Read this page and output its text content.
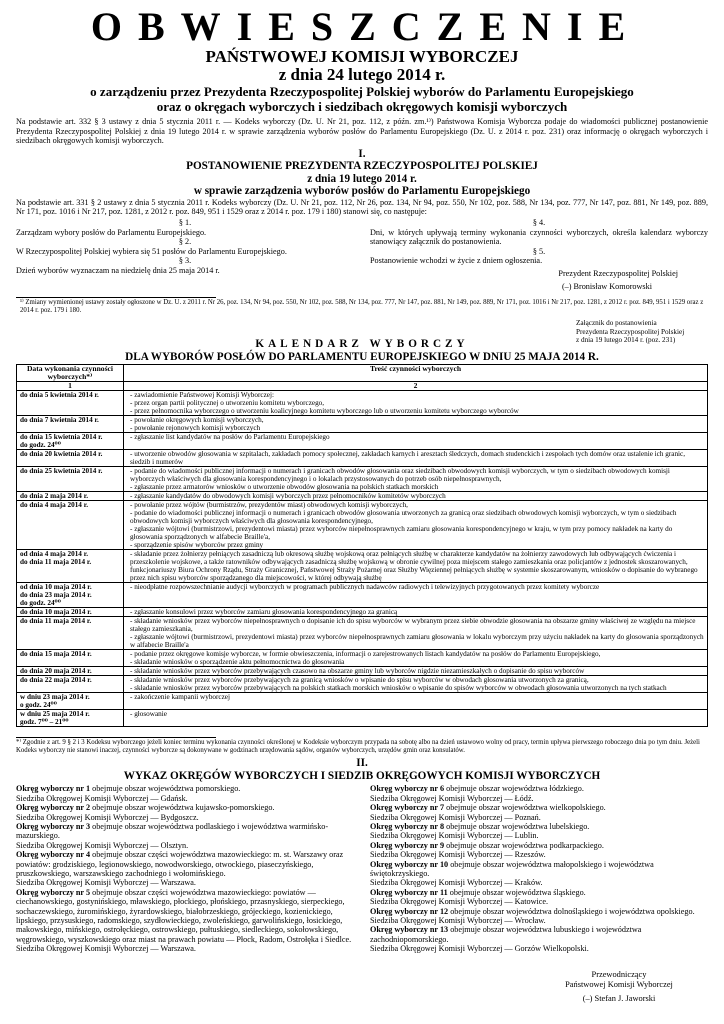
OBWIESZCZENIE
PAŃSTWOWEJ KOMISJI WYBORCZEJ
z dnia 24 lutego 2014 r.
o zarządzeniu przez Prezydenta Rzeczypospolitej Polskiej wyborów do Parlamentu Europejskiego
oraz o okręgach wyborczych i siedzibach okręgowych komisji wyborczych
Na podstawie art. 332 § 3 ustawy z dnia 5 stycznia 2011 r. — Kodeks wyborczy (Dz. U. Nr 21, poz. 112, z późn. zm.¹⁾) Państwowa Komisja Wyborcza podaje do wiadomości publicznej postanowienie Prezydenta Rzeczypospolitej Polskiej z dnia 19 lutego 2014 r. w sprawie zarządzenia wyborów posłów do Parlamentu Europejskiego (Dz. U. z 2014 r. poz. 231) oraz informację o okręgach wyborczych i siedzibach okręgowych komisji wyborczych.
I.
POSTANOWIENIE PREZYDENTA RZECZYPOSPOLITEJ POLSKIEJ
z dnia 19 lutego 2014 r.
w sprawie zarządzenia wyborów posłów do Parlamentu Europejskiego
Na podstawie art. 331 § 2 ustawy z dnia 5 stycznia 2011 r. Kodeks wyborczy (Dz. U. Nr 21, poz. 112, Nr 26, poz. 134, Nr 94, poz. 550, Nr 102, poz. 588, Nr 134, poz. 777, Nr 147, poz. 881, Nr 149, poz. 889, Nr 171, poz. 1016 i Nr 217, poz. 1281, z 2012 r. poz. 849, 951 i 1529 oraz z 2014 r. poz. 179 i 180) stanowi się, co następuje:
§ 1.
Zarządzam wybory posłów do Parlamentu Europejskiego.
§ 2.
W Rzeczypospolitej Polskiej wybiera się 51 posłów do Parlamentu Europejskiego.
§ 3.
Dzień wyborów wyznaczam na niedzielę dnia 25 maja 2014 r.
§ 4.
Dni, w których upływają terminy wykonania czynności wyborczych, określa kalendarz wyborczy stanowiący załącznik do postanowienia.
§ 5.
Postanowienie wchodzi w życie z dniem ogłoszenia.
Prezydent Rzeczypospolitej Polskiej
(–) Bronisław Komorowski
¹⁾ Zmiany wymienionej ustawy zostały ogłoszone w Dz. U. z 2011 r. Nr 26, poz. 134, Nr 94, poz. 550, Nr 102, poz. 588, Nr 134, poz. 777, Nr 147, poz. 881, Nr 149, poz. 889, Nr 171, poz. 1016 i Nr 217, poz. 1281, z 2012 r. poz. 849, 951 i 1529 oraz z 2014 r. poz. 179 i 180.
Załącznik do postanowienia
Prezydenta Rzeczypospolitej Polskiej
z dnia 19 lutego 2014 r. (poz. 231)
KALENDARZ WYBORCZY
DLA WYBORÓW POSŁÓW DO PARLAMENTU EUROPEJSKIEGO W DNIU 25 MAJA 2014 R.
Data wykonania czynności wyborczych*⁾	Treść czynności wyborczych
1	2
do dnia 5 kwietnia 2014 r.	- zawiadomienie Państwowej Komisji Wyborczej:
- przez organ partii politycznej o utworzeniu komitetu wyborczego,
- przez pełnomocnika wyborczego o utworzeniu koalicyjnego komitetu wyborczego lub o utworzeniu komitetu wyborczego wyborców
do dnia 7 kwietnia 2014 r.	- powołanie okręgowych komisji wyborczych,
- powołanie rejonowych komisji wyborczych
do dnia 15 kwietnia 2014 r.
do godz. 24⁰⁰	- zgłaszanie list kandydatów na posłów do Parlamentu Europejskiego
do dnia 20 kwietnia 2014 r.	- utworzenie obwodów głosowania w szpitalach, zakładach pomocy społecznej, zakładach karnych i aresztach śledczych, domach studenckich i zespołach tych domów oraz ustalenie ich granic, siedzib i numerów
do dnia 25 kwietnia 2014 r.	- podanie do wiadomości publicznej informacji o numerach i granicach obwodów głosowania oraz siedzibach obwodowych komisji wyborczych, w tym o siedzibach obwodowych komisji wyborczych właściwych dla głosowania korespondencyjnego i o lokalach przystosowanych do potrzeb osób niepełnosprawnych,
- zgłaszanie przez armatorów wniosków o utworzenie obwodów głosowania na polskich statkach morskich
do dnia 2 maja 2014 r.	- zgłaszanie kandydatów do obwodowych komisji wyborczych przez pełnomocników komitetów wyborczych
do dnia 4 maja 2014 r.	- powołanie przez wójtów (burmistrzów, prezydentów miast) obwodowych komisji wyborczych,
- podanie do wiadomości publicznej informacji o numerach i granicach obwodów głosowania utworzonych za granicą oraz siedzibach obwodowych komisji wyborczych, w tym o siedzibach obwodowych komisji wyborczych właściwych dla głosowania korespondencyjnego,
- zgłaszanie wójtowi (burmistrzowi, prezydentowi miasta) przez wyborców niepełnosprawnych zamiaru głosowania korespondencyjnego w kraju, w tym przy pomocy nakładek na karty do głosowania sporządzonych w alfabecie Braille'a,
- sporządzenie spisów wyborców przez gminy
od dnia 4 maja 2014 r.
do dnia 11 maja 2014 r.	- składanie przez żołnierzy pełniących zasadniczą lub okresową służbę wojskową oraz pełniących służbę w charakterze kandydatów na żołnierzy zawodowych lub odbywających ćwiczenia i przeszkolenie wojskowe, a także ratowników odbywających zasadniczą służbę wojskową w obronie cywilnej poza miejscem stałego zamieszkania oraz policjantów z jednostek skoszarowanych, funkcjonariuszy Biura Ochrony Rządu, Straży Granicznej, Państwowej Straży Pożarnej oraz Służby Więziennej pełniących służbę w systemie skoszarowanym, wniosków o dopisanie do wybranego przez nich spisu wyborców sporządzanego dla miejscowości, w której odbywają służbę
od dnia 10 maja 2014 r.
do dnia 23 maja 2014 r.
do godz. 24⁰⁰	- nieodpłatne rozpowszechnianie audycji wyborczych w programach publicznych nadawców radiowych i telewizyjnych przygotowanych przez komitety wyborcze
do dnia 10 maja 2014 r.	- zgłaszanie konsulowi przez wyborców zamiaru głosowania korespondencyjnego za granicą
do dnia 11 maja 2014 r.	- składanie wniosków przez wyborców niepełnosprawnych o dopisanie ich do spisu wyborców w wybranym przez siebie obwodzie głosowania na obszarze gminy właściwej ze względu na miejsce stałego zamieszkania,
- zgłaszanie wójtowi (burmistrzowi, prezydentowi miasta) przez wyborców niepełnosprawnych zamiaru głosowania w lokalu wyborczym przy użyciu nakładek na karty do głosowania sporządzonych w alfabecie Braille'a
do dnia 15 maja 2014 r.	- podanie przez okręgowe komisje wyborcze, w formie obwieszczenia, informacji o zarejestrowanych listach kandydatów na posłów do Parlamentu Europejskiego,
- składanie wniosków o sporządzenie aktu pełnomocnictwa do głosowania
do dnia 20 maja 2014 r.	- składanie wniosków przez wyborców przebywających czasowo na obszarze gminy lub wyborców nigdzie niezamieszkałych o dopisanie do spisu wyborców
do dnia 22 maja 2014 r.	- składanie wniosków przez wyborców przebywających za granicą wniosków o wpisanie do spisu wyborców w obwodach głosowania utworzonych za granicą,
- składanie wniosków przez wyborców przebywających na polskich statkach morskich wniosków o wpisanie do spisów wyborców w obwodach głosowania utworzonych na tych statkach
w dniu 23 maja 2014 r.
o godz. 24⁰⁰	- zakończenie kampanii wyborczej
w dniu 25 maja 2014 r.
godz. 7⁰⁰ – 21⁰⁰	- głosowanie
*⁾ Zgodnie z art. 9 § 2 i 3 Kodeksu wyborczego jeżeli koniec terminu wykonania czynności określonej w Kodeksie wyborczym przypada na sobotę albo na dzień ustawowo wolny od pracy, termin upływa pierwszego roboczego dnia po tym dniu. Jeżeli Kodeks wyborczy nie stanowi inaczej, czynności wyborcze są dokonywane w godzinach urzędowania sądów, organów wyborczych, urzędów gmin oraz konsulatów.
II.
WYKAZ OKRĘGÓW WYBORCZYCH I SIEDZIB OKRĘGOWYCH KOMISJI WYBORCZYCH

Okręg wyborczy nr 1 obejmuje obszar województwa pomorskiego.

Siedziba Okręgowej Komisji Wyborczej — Gdańsk.

Okręg wyborczy nr 2 obejmuje obszar województwa kujawsko-pomorskiego.

Siedziba Okręgowej Komisji Wyborczej — Bydgoszcz.

Okręg wyborczy nr 3 obejmuje obszar województwa podlaskiego i województwa warmińsko-mazurskiego.

Siedziba Okręgowej Komisji Wyborczej — Olsztyn.

Okręg wyborczy nr 4 obejmuje obszar części województwa mazowieckiego: m. st. Warszawy oraz powiatów: grodziskiego, legionowskiego, nowodworskiego, otwockiego, piaseczyńskiego, pruszkowskiego, warszawskiego zachodniego i wołomińskiego.

Siedziba Okręgowej Komisji Wyborczej — Warszawa.

Okręg wyborczy nr 5 obejmuje obszar części województwa mazowieckiego: powiatów — ciechanowskiego, gostynińskiego, mławskiego, płockiego, płońskiego, przasnyskiego, sierpeckiego, sochaczewskiego, żuromińskiego, żyrardowskiego, białobrzeskiego, grójeckiego, kozienickiego, lipskiego, przysuskiego, radomskiego, szydłowieckiego, zwoleńskiego, garwolińskiego, łosickiego, makowskiego, mińskiego, ostrołęckiego, ostrowskiego, pułtuskiego, siedleckiego, sokołowskiego, węgrowskiego, wyszkowskiego oraz miast na prawach powiatu — Płock, Radom, Ostrołęka i Siedlce.

Siedziba Okręgowej Komisji Wyborczej — Warszawa.

Okręg wyborczy nr 6 obejmuje obszar województwa łódzkiego.

Siedziba Okręgowej Komisji Wyborczej — Łódź.

Okręg wyborczy nr 7 obejmuje obszar województwa wielkopolskiego.

Siedziba Okręgowej Komisji Wyborczej — Poznań.

Okręg wyborczy nr 8 obejmuje obszar województwa lubelskiego.

Siedziba Okręgowej Komisji Wyborczej — Lublin.

Okręg wyborczy nr 9 obejmuje obszar województwa podkarpackiego.

Siedziba Okręgowej Komisji Wyborczej — Rzeszów.

Okręg wyborczy nr 10 obejmuje obszar województwa małopolskiego i województwa świętokrzyskiego.

Siedziba Okręgowej Komisji Wyborczej — Kraków.

Okręg wyborczy nr 11 obejmuje obszar województwa śląskiego.

Siedziba Okręgowej Komisji Wyborczej — Katowice.

Okręg wyborczy nr 12 obejmuje obszar województwa dolnośląskiego i województwa opolskiego.

Siedziba Okręgowej Komisji Wyborczej — Wrocław.

Okręg wyborczy nr 13 obejmuje obszar województwa lubuskiego i województwa zachodniopomorskiego.

Siedziba Okręgowej Komisji Wyborczej — Gorzów Wielkopolski.

Przewodniczący
Państwowej Komisji Wyborczej
(–) Stefan J. Jaworski
